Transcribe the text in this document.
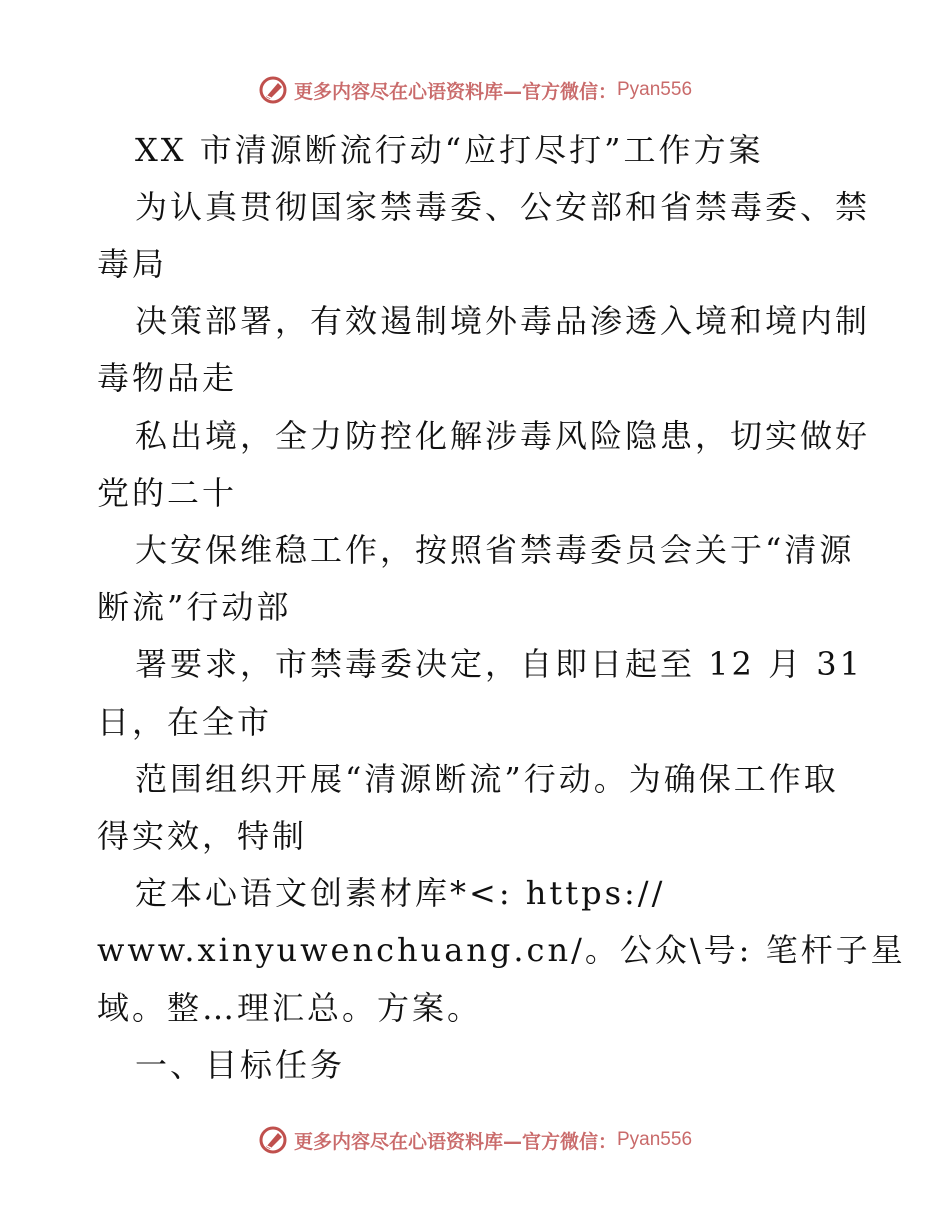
更多内容尽在心语资料库—官方微信： Pyan556
XX 市清源断流行动“应打尽打”工作方案
为认真贯彻国家禁毒委、公安部和省禁毒委、禁
毒局
决策部署，有效遏制境外毒品渗透入境和境内制
毒物品走
私出境，全力防控化解涉毒风险隐患，切实做好
党的二十
大安保维稳工作，按照省禁毒委员会关于“清源
断流”行动部
署要求，市禁毒委决定，自即日起至 12 月 31
日，在全市
范围组织开展“清源断流”行动。为确保工作取
得实效，特制
定本心语文创素材库*<: https://
www.xinyuwenchuang.cn/。公众\号: 笔杆子星
域。整…理汇总。方案。
一、目标任务
更多内容尽在心语资料库—官方微信： Pyan556
